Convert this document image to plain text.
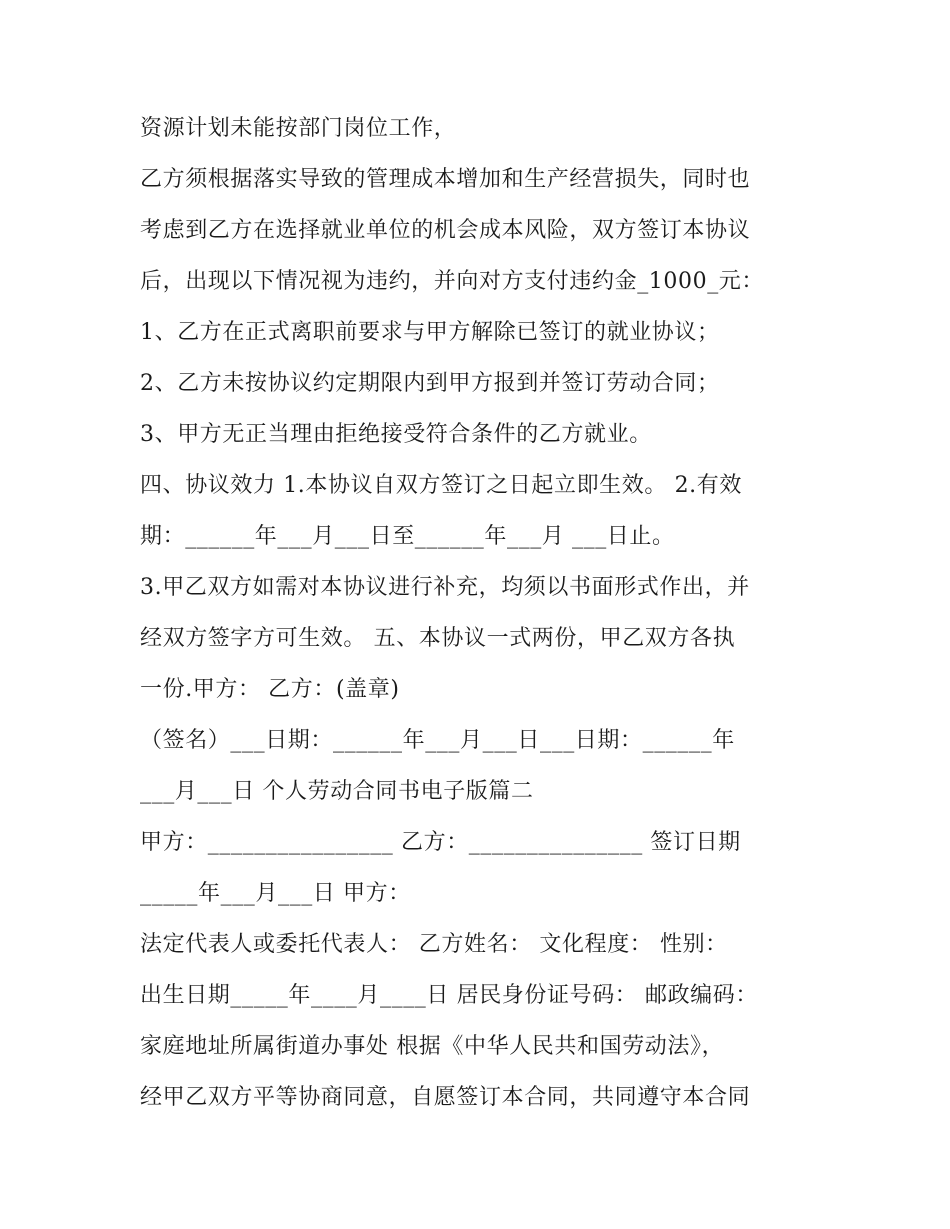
资源计划未能按部门岗位工作，
乙方须根据落实导致的管理成本增加和生产经营损失，同时也
考虑到乙方在选择就业单位的机会成本风险，双方签订本协议
后，出现以下情况视为违约，并向对方支付违约金_1000_元：
1、乙方在正式离职前要求与甲方解除已签订的就业协议；
2、乙方未按协议约定期限内到甲方报到并签订劳动合同；
3、甲方无正当理由拒绝接受符合条件的乙方就业。
四、协议效力 1.本协议自双方签订之日起立即生效。 2.有效
期：______年___月___日至______年___月 ___日止。
3.甲乙双方如需对本协议进行补充，均须以书面形式作出，并
经双方签字方可生效。 五、本协议一式两份，甲乙双方各执
一份.甲方： 乙方：(盖章)
（签名）___日期：______年___月___日___日期：______年
___月___日 个人劳动合同书电子版篇二
甲方：________________ 乙方：_______________ 签订日期
_____年___月___日 甲方：
法定代表人或委托代表人： 乙方姓名： 文化程度： 性别：
出生日期_____年____月____日 居民身份证号码： 邮政编码：
家庭地址所属街道办事处 根据《中华人民共和国劳动法》，
经甲乙双方平等协商同意，自愿签订本合同，共同遵守本合同
